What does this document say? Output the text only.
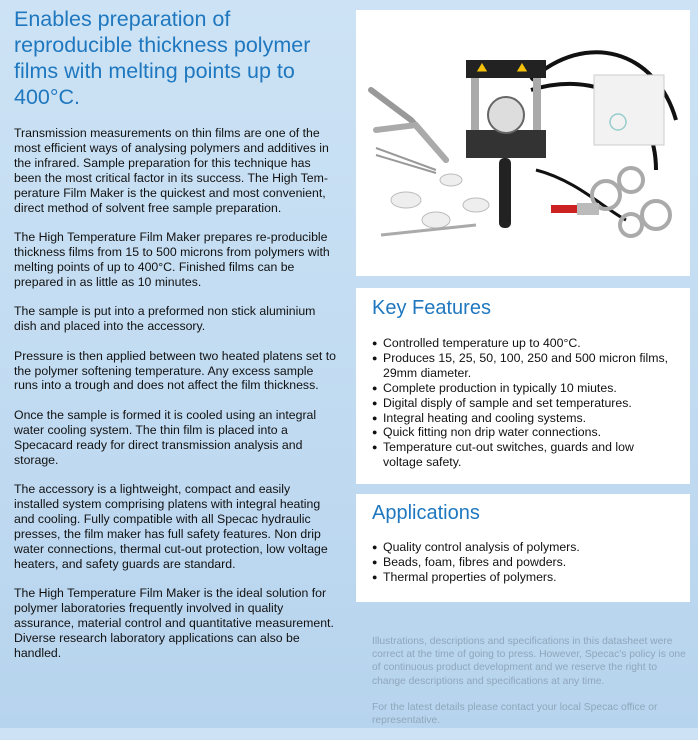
Enables preparation of reproducible thickness polymer films with melting points up to 400°C.

Transmission measurements on thin films are one of the most efficient ways of analysing polymers and additives in the infrared. Sample preparation for this technique has been the most critical factor in its success. The High Tem-perature Film Maker is the quickest and most convenient, direct method of solvent free sample preparation.

The High Temperature Film Maker prepares re-producible thickness films from 15 to 500 microns from polymers with melting points of up to 400°C. Finished films can be prepared in as little as 10 minutes.

The sample is put into a preformed non stick aluminium dish and placed into the accessory.

Pressure is then applied between two heated platens set to the polymer softening temperature. Any excess sample runs into a trough and does not affect the film thickness.

Once the sample is formed it is cooled using an integral water cooling system. The thin film is placed into a Specacard ready for direct transmission analysis and storage.

The accessory is a lightweight, compact and easily installed system comprising platens with integral heating and cooling. Fully compatible with all Specac hydraulic presses, the film maker has full safety features. Non drip water connections, thermal cut-out protection, low voltage heaters, and safety guards are standard.

The High Temperature Film Maker is the ideal solution for polymer laboratories frequently involved in quality assurance, material control and quantitative measurement. Diverse research laboratory applications can also be handled.

Key Features
● Controlled temperature up to 400°C.
● Produces 15, 25, 50, 100, 250 and 500 micron films, 29mm diameter.
● Complete production in typically 10 miutes.
● Digital disply of sample and set temperatures.
● Integral heating and cooling systems.
● Quick fitting non drip water connections.
● Temperature cut-out switches, guards and low voltage safety.
Applications
● Quality control analysis of polymers.
● Beads, foam, fibres and powders.
● Thermal properties of polymers.

Illustrations, descriptions and specifications in this datasheet were correct at the time of going to press. However, Specac's policy is one of continuous product development and we reserve the right to change descriptions and specifications at any time.

For the latest details please contact your local Specac office or representative.
